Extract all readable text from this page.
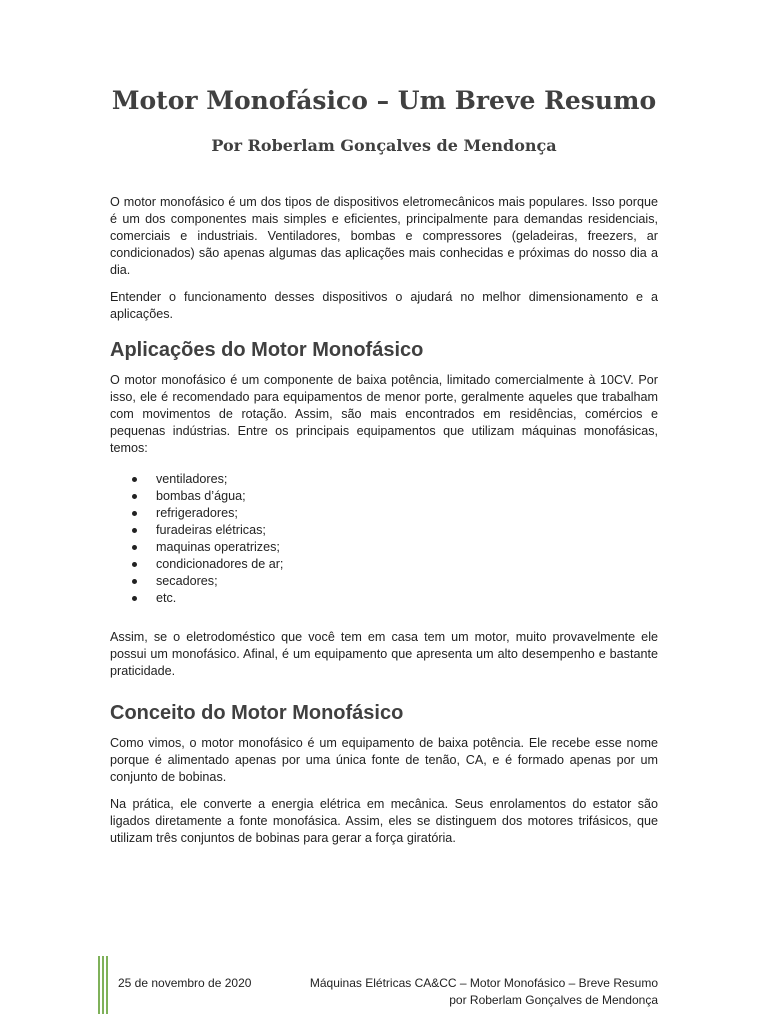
Motor Monofásico – Um Breve Resumo
Por Roberlam Gonçalves de Mendonça

O motor monofásico é um dos tipos de dispositivos eletromecânicos mais populares. Isso porque é um dos componentes mais simples e eficientes, principalmente para demandas residenciais, comerciais e industriais. Ventiladores, bombas e compressores (geladeiras, freezers, ar condicionados) são apenas algumas das aplicações mais conhecidas e próximas do nosso dia a dia.

Entender o funcionamento desses dispositivos o ajudará no melhor dimensionamento e a aplicações.

Aplicações do Motor Monofásico

O motor monofásico é um componente de baixa potência, limitado comercialmente à 10CV. Por isso, ele é recomendado para equipamentos de menor porte, geralmente aqueles que trabalham com movimentos de rotação. Assim, são mais encontrados em residências, comércios e pequenas indústrias. Entre os principais equipamentos que utilizam máquinas monofásicas, temos:

ventiladores;
bombas d’água;
refrigeradores;
furadeiras elétricas;
maquinas operatrizes;
condicionadores de ar;
secadores;
etc.

Assim, se o eletrodoméstico que você tem em casa tem um motor, muito provavelmente ele possui um monofásico. Afinal, é um equipamento que apresenta um alto desempenho e bastante praticidade.

Conceito do Motor Monofásico

Como vimos, o motor monofásico é um equipamento de baixa potência. Ele recebe esse nome porque é alimentado apenas por uma única fonte de tenão, CA, e é formado apenas por um conjunto de bobinas.

Na prática, ele converte a energia elétrica em mecânica. Seus enrolamentos do estator são ligados diretamente a fonte monofásica. Assim, eles se distinguem dos motores trifásicos, que utilizam três conjuntos de bobinas para gerar a força giratória.

25 de novembro de 2020	Máquinas Elétricas CA&CC – Motor Monofásico – Breve Resumo
por Roberlam Gonçalves de Mendonça
